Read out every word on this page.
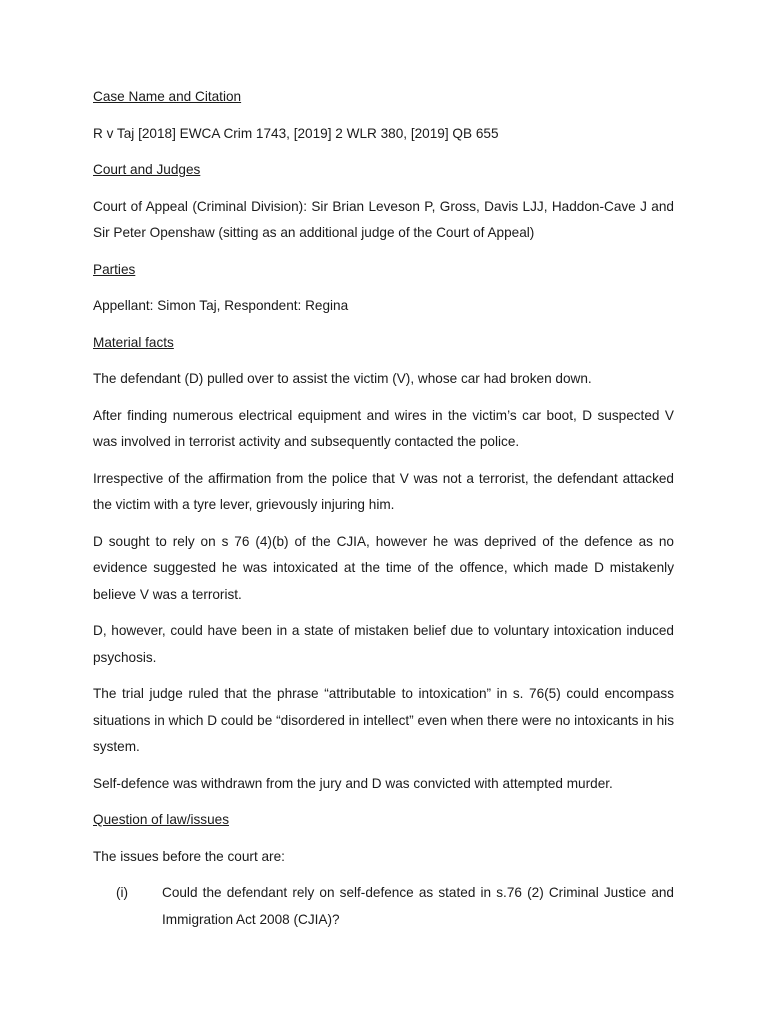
Case Name and Citation

R v Taj [2018] EWCA Crim 1743, [2019] 2 WLR 380, [2019] QB 655

Court and Judges

Court of Appeal (Criminal Division): Sir Brian Leveson P, Gross, Davis LJJ, Haddon-Cave J and Sir Peter Openshaw (sitting as an additional judge of the Court of Appeal)

Parties

Appellant: Simon Taj, Respondent: Regina

Material facts

The defendant (D) pulled over to assist the victim (V), whose car had broken down.

After finding numerous electrical equipment and wires in the victim’s car boot, D suspected V was involved in terrorist activity and subsequently contacted the police.

Irrespective of the affirmation from the police that V was not a terrorist, the defendant attacked the victim with a tyre lever, grievously injuring him.

D sought to rely on s 76 (4)(b) of the CJIA, however he was deprived of the defence as no evidence suggested he was intoxicated at the time of the offence, which made D mistakenly believe V was a terrorist.

D, however, could have been in a state of mistaken belief due to voluntary intoxication induced psychosis.

The trial judge ruled that the phrase “attributable to intoxication” in s. 76(5) could encompass situations in which D could be “disordered in intellect” even when there were no intoxicants in his system.

Self-defence was withdrawn from the jury and D was convicted with attempted murder.

Question of law/issues

The issues before the court are:

(i)	Could the defendant rely on self-defence as stated in s.76 (2) Criminal Justice and Immigration Act 2008 (CJIA)?
